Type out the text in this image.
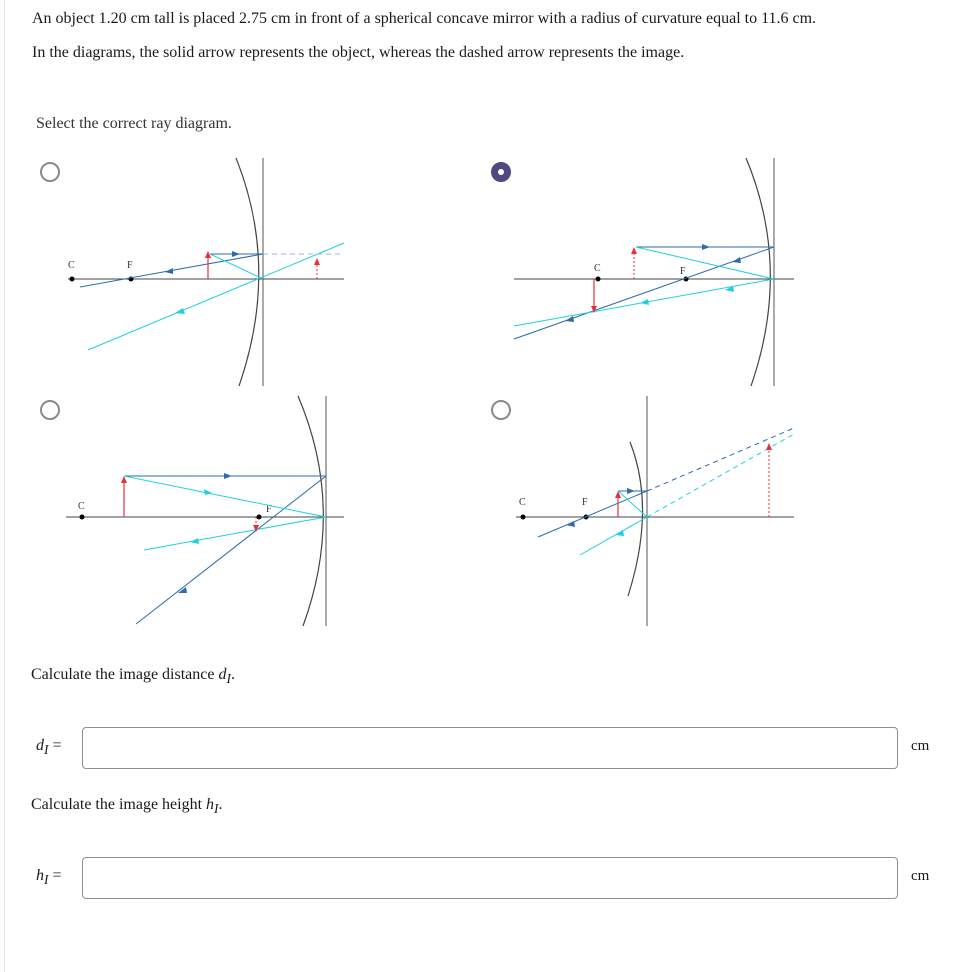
An object 1.20 cm tall is placed 2.75 cm in front of a spherical concave mirror with a radius of curvature equal to 11.6 cm.
In the diagrams, the solid arrow represents the object, whereas the dashed arrow represents the image.
Select the correct ray diagram.
C	F	C	F
C	F
C	F
Calculate the image distance $d_I$.
$d_I$ =	cm
Calculate the image height $h_I$.
$h_I$ =	cm
